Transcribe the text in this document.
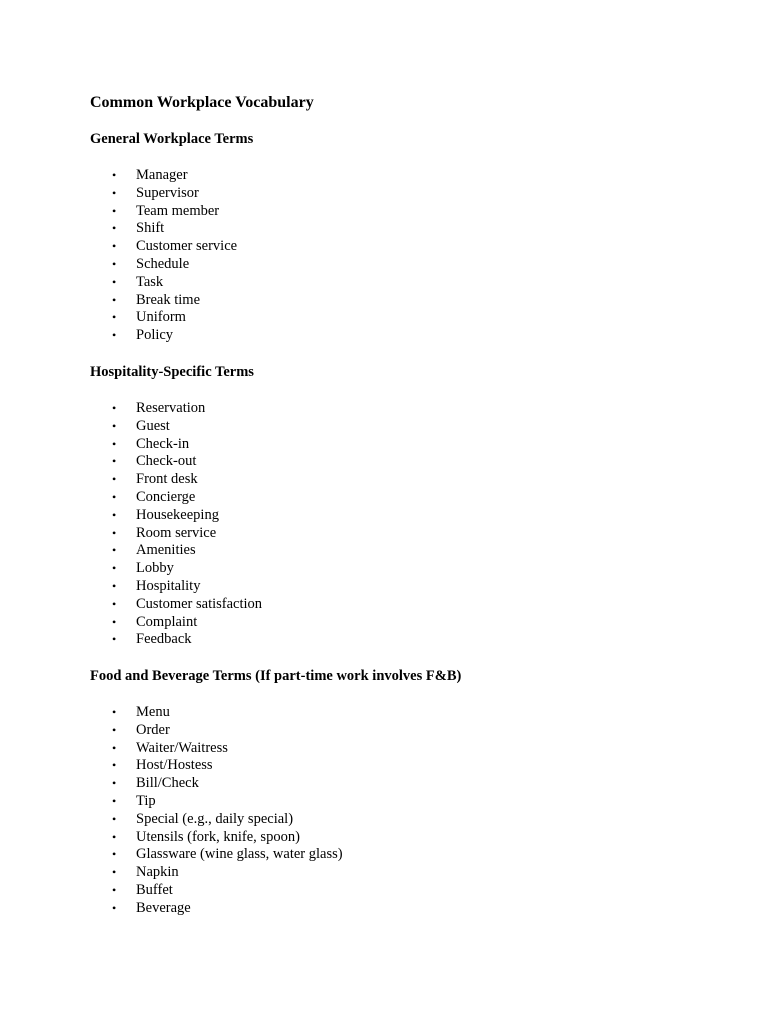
Common Workplace Vocabulary
General Workplace Terms
• Manager
• Supervisor
• Team member
• Shift
• Customer service
• Schedule
• Task
• Break time
• Uniform
• Policy
Hospitality-Specific Terms
• Reservation
• Guest
• Check-in
• Check-out
• Front desk
• Concierge
• Housekeeping
• Room service
• Amenities
• Lobby
• Hospitality
• Customer satisfaction
• Complaint
• Feedback
Food and Beverage Terms (If part-time work involves F&B)
• Menu
• Order
• Waiter/Waitress
• Host/Hostess
• Bill/Check
• Tip
• Special (e.g., daily special)
• Utensils (fork, knife, spoon)
• Glassware (wine glass, water glass)
• Napkin
• Buffet
• Beverage
